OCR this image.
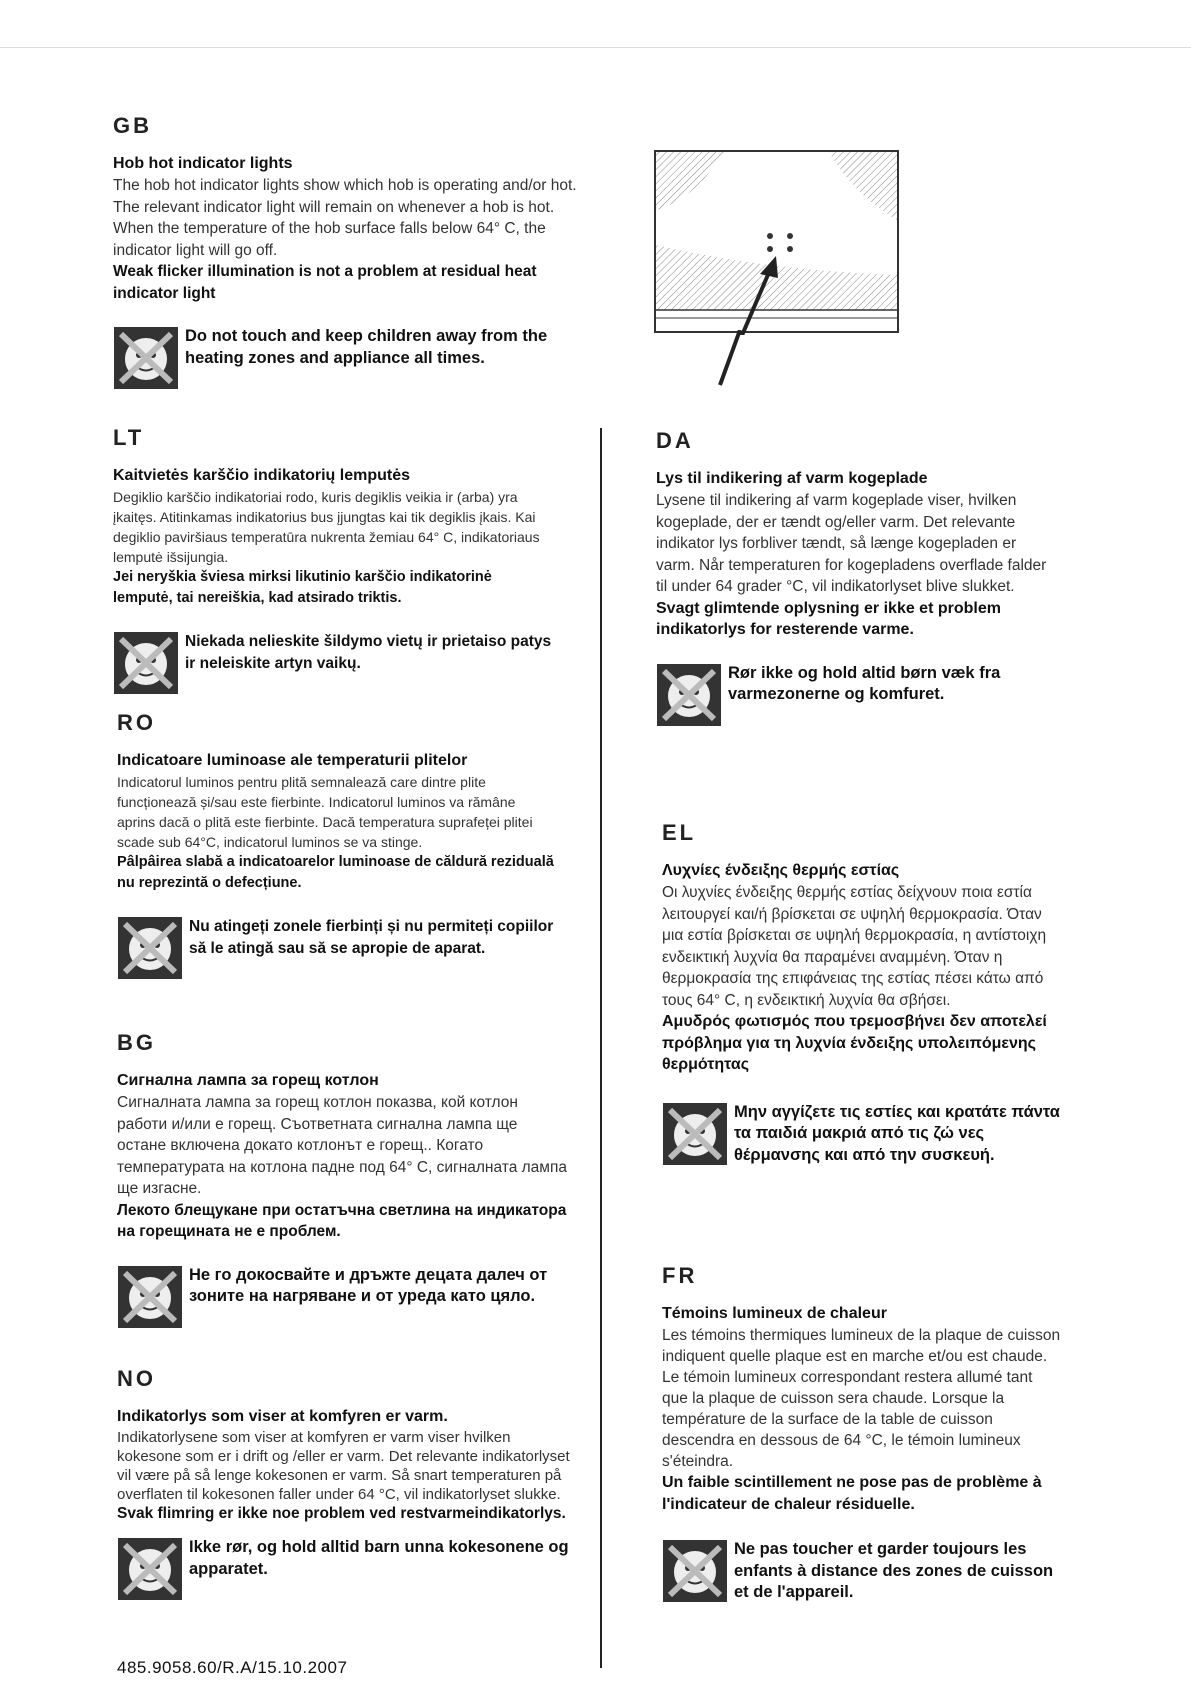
GB
Hob hot indicator lights

The hob hot indicator lights show which hob is operating and/or hot. The relevant indicator light will remain on whenever a hob is hot. When the temperature of the hob surface falls below 64° C, the indicator light will go off.

Weak flicker illumination is not a problem at residual heat indicator light

Do not touch and keep children away from the heating zones and appliance all times.
LT
Kaitvietės karščio indikatorių lemputės

Degiklio karščio indikatoriai rodo, kuris degiklis veikia ir (arba) yra įkaitęs. Atitinkamas indikatorius bus įjungtas kai tik degiklis įkais. Kai degiklio paviršiaus temperatūra nukrenta žemiau 64° C, indikatoriaus lemputė išsijungia.

Jei neryškia šviesa mirksi likutinio karščio indikatorinė lemputė, tai nereiškia, kad atsirado triktis.

Niekada nelieskite šildymo vietų ir prietaiso patys ir neleiskite artyn vaikų.
RO
Indicatoare luminoase ale temperaturii plitelor

Indicatorul luminos pentru plită semnalează care dintre plite funcționează și/sau este fierbinte. Indicatorul luminos va rămâne aprins dacă o plită este fierbinte. Dacă temperatura suprafeței plitei scade sub 64°C, indicatorul luminos se va stinge.

Pâlpâirea slabă a indicatoarelor luminoase de căldură reziduală nu reprezintă o defecțiune.

Nu atingeți zonele fierbinți și nu permiteți copiilor să le atingă sau să se apropie de aparat.
BG
Сигнална лампа за горещ котлон

Сигналната лампа за горещ котлон показва, кой котлон работи и/или е горещ. Съответната сигнална лампа ще остане включена докато котлонът е горещ.. Когато температурата на котлона падне под 64° C, сигналната лампа ще изгасне.

Лекото блещукане при остатъчна светлина на индикатора на горещината не е проблем.

Не го докосвайте и дръжте децата далеч от зоните на нагряване и от уреда като цяло.
NO
Indikatorlys som viser at komfyren er varm.

Indikatorlysene som viser at komfyren er varm viser hvilken kokesone som er i drift og /eller er varm. Det relevante indikatorlyset vil være på så lenge kokesonen er varm. Så snart temperaturen på overflaten til kokesonen faller under 64 °C, vil indikatorlyset slukke.

Svak flimring er ikke noe problem ved restvarmeindikatorlys.

Ikke rør, og hold alltid barn unna kokesonene og apparatet.
DA
Lys til indikering af varm kogeplade

Lysene til indikering af varm kogeplade viser, hvilken kogeplade, der er tændt og/eller varm. Det relevante indikator lys forbliver tændt, så længe kogepladen er varm. Når temperaturen for kogepladens overflade falder til under 64 grader °C, vil indikatorlyset blive slukket.

Svagt glimtende oplysning er ikke et problem indikatorlys for resterende varme.

Rør ikke og hold altid børn væk fra varmezonerne og komfuret.
EL
Λυχνίες ένδειξης θερμής εστίας

Οι λυχνίες ένδειξης θερμής εστίας δείχνουν ποια εστία λειτουργεί και/ή βρίσκεται σε υψηλή θερμοκρασία. Όταν μια εστία βρίσκεται σε υψηλή θερμοκρασία, η αντίστοιχη ενδεικτική λυχνία θα παραμένει αναμμένη. Όταν η θερμοκρασία της επιφάνειας της εστίας πέσει κάτω από τους 64° C, η ενδεικτική λυχνία θα σβήσει.

Αμυδρός φωτισμός που τρεμοσβήνει δεν αποτελεί πρόβλημα για τη λυχνία ένδειξης υπολειπόμενης θερμότητας

Μην αγγίζετε τις εστίες και κρατάτε πάντα τα παιδιά μακριά από τις ζώ νες θέρμανσης και από την συσκευή.
FR
Témoins lumineux de chaleur

Les témoins thermiques lumineux de la plaque de cuisson indiquent quelle plaque est en marche et/ou est chaude. Le témoin lumineux correspondant restera allumé tant que la plaque de cuisson sera chaude. Lorsque la température de la surface de la table de cuisson descendra en dessous de 64 °C, le témoin lumineux s'éteindra.

Un faible scintillement ne pose pas de problème à l'indicateur de chaleur résiduelle.

Ne pas toucher et garder toujours les enfants à distance des zones de cuisson et de l'appareil.
485.9058.60/R.A/15.10.2007
